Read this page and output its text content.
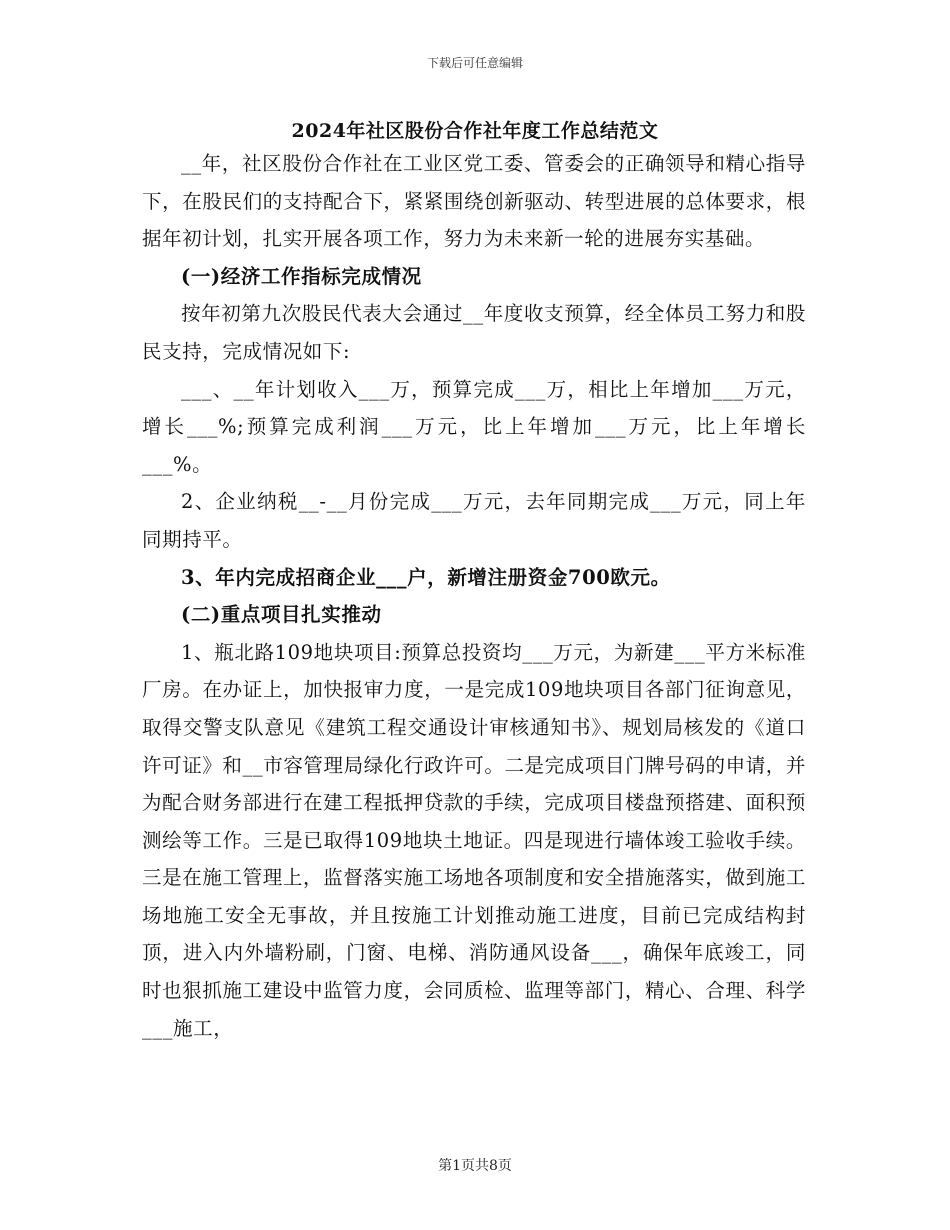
下载后可任意编辑
2024年社区股份合作社年度工作总结范文

__年，社区股份合作社在工业区党工委、管委会的正确领导和精心指导下，在股民们的支持配合下，紧紧围绕创新驱动、转型进展的总体要求，根据年初计划，扎实开展各项工作，努力为未来新一轮的进展夯实基础。

(一)经济工作指标完成情况

按年初第九次股民代表大会通过__年度收支预算，经全体员工努力和股民支持，完成情况如下:

___、__年计划收入___万，预算完成___万，相比上年增加___万元，增长___%;预算完成利润___万元，比上年增加___万元，比上年增长___%。

2、企业纳税__-__月份完成___万元，去年同期完成___万元，同上年同期持平。

3、年内完成招商企业___户，新增注册资金700欧元。

(二)重点项目扎实推动

1、瓶北路109地块项目:预算总投资均___万元，为新建___平方米标准厂房。在办证上，加快报审力度，一是完成109地块项目各部门征询意见，取得交警支队意见《建筑工程交通设计审核通知书》、规划局核发的《道口许可证》和__市容管理局绿化行政许可。二是完成项目门牌号码的申请，并为配合财务部进行在建工程抵押贷款的手续，完成项目楼盘预搭建、面积预测绘等工作。三是已取得109地块土地证。四是现进行墙体竣工验收手续。三是在施工管理上，监督落实施工场地各项制度和安全措施落实，做到施工场地施工安全无事故，并且按施工计划推动施工进度，目前已完成结构封顶，进入内外墙粉刷，门窗、电梯、消防通风设备___，确保年底竣工，同时也狠抓施工建设中监管力度，会同质检、监理等部门，精心、合理、科学___施工，

第1页共8页
